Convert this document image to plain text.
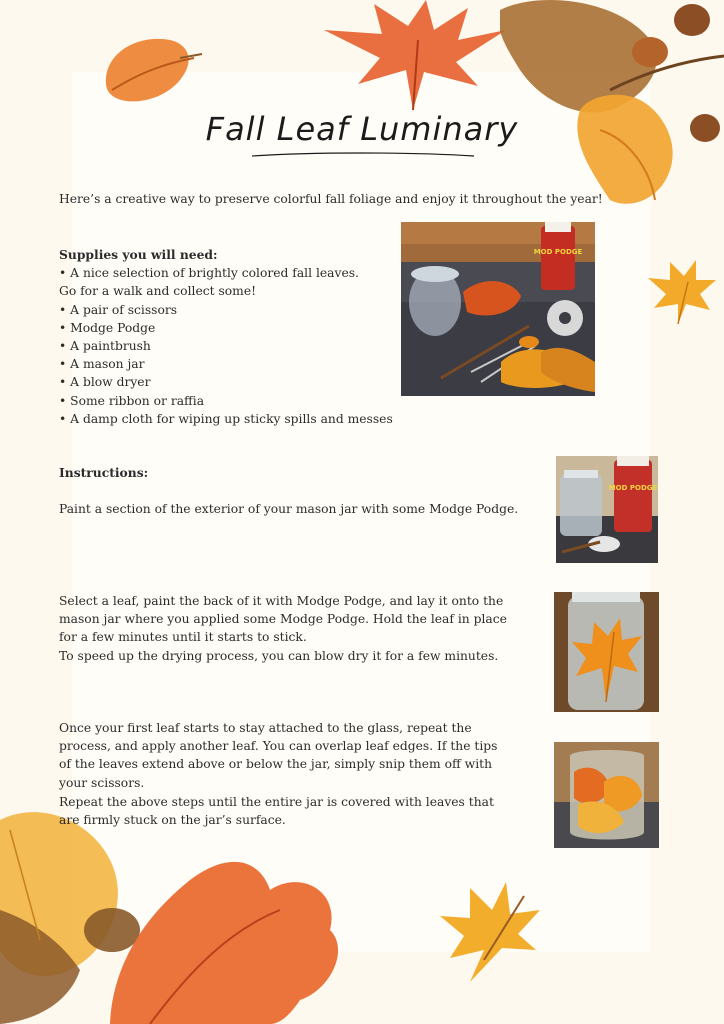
Fall Leaf Luminary
Here’s a creative way to preserve colorful fall foliage and enjoy it throughout the year!
Supplies you will need:
• A nice selection of brightly colored fall leaves.
Go for a walk and collect some!
• A pair of scissors
• Modge Podge
• A paintbrush
• A mason jar
• A blow dryer
• Some ribbon or raffia
• A damp cloth for wiping up sticky spills and messes
MOD PODGE
Instructions:
Paint a section of the exterior of your mason jar with some Modge Podge.
Select a leaf, paint the back of it with Modge Podge, and lay it onto the mason jar where you applied some Modge Podge. Hold the leaf in place for a few minutes until it starts to stick.
To speed up the drying process, you can blow dry it for a few minutes.
Once your first leaf starts to stay attached to the glass, repeat the process, and apply another leaf. You can overlap leaf edges. If the tips of the leaves extend above or below the jar, simply snip them off with your scissors.
Repeat the above steps until the entire jar is covered with leaves that are firmly stuck on the jar’s surface.
MOD PODGE
